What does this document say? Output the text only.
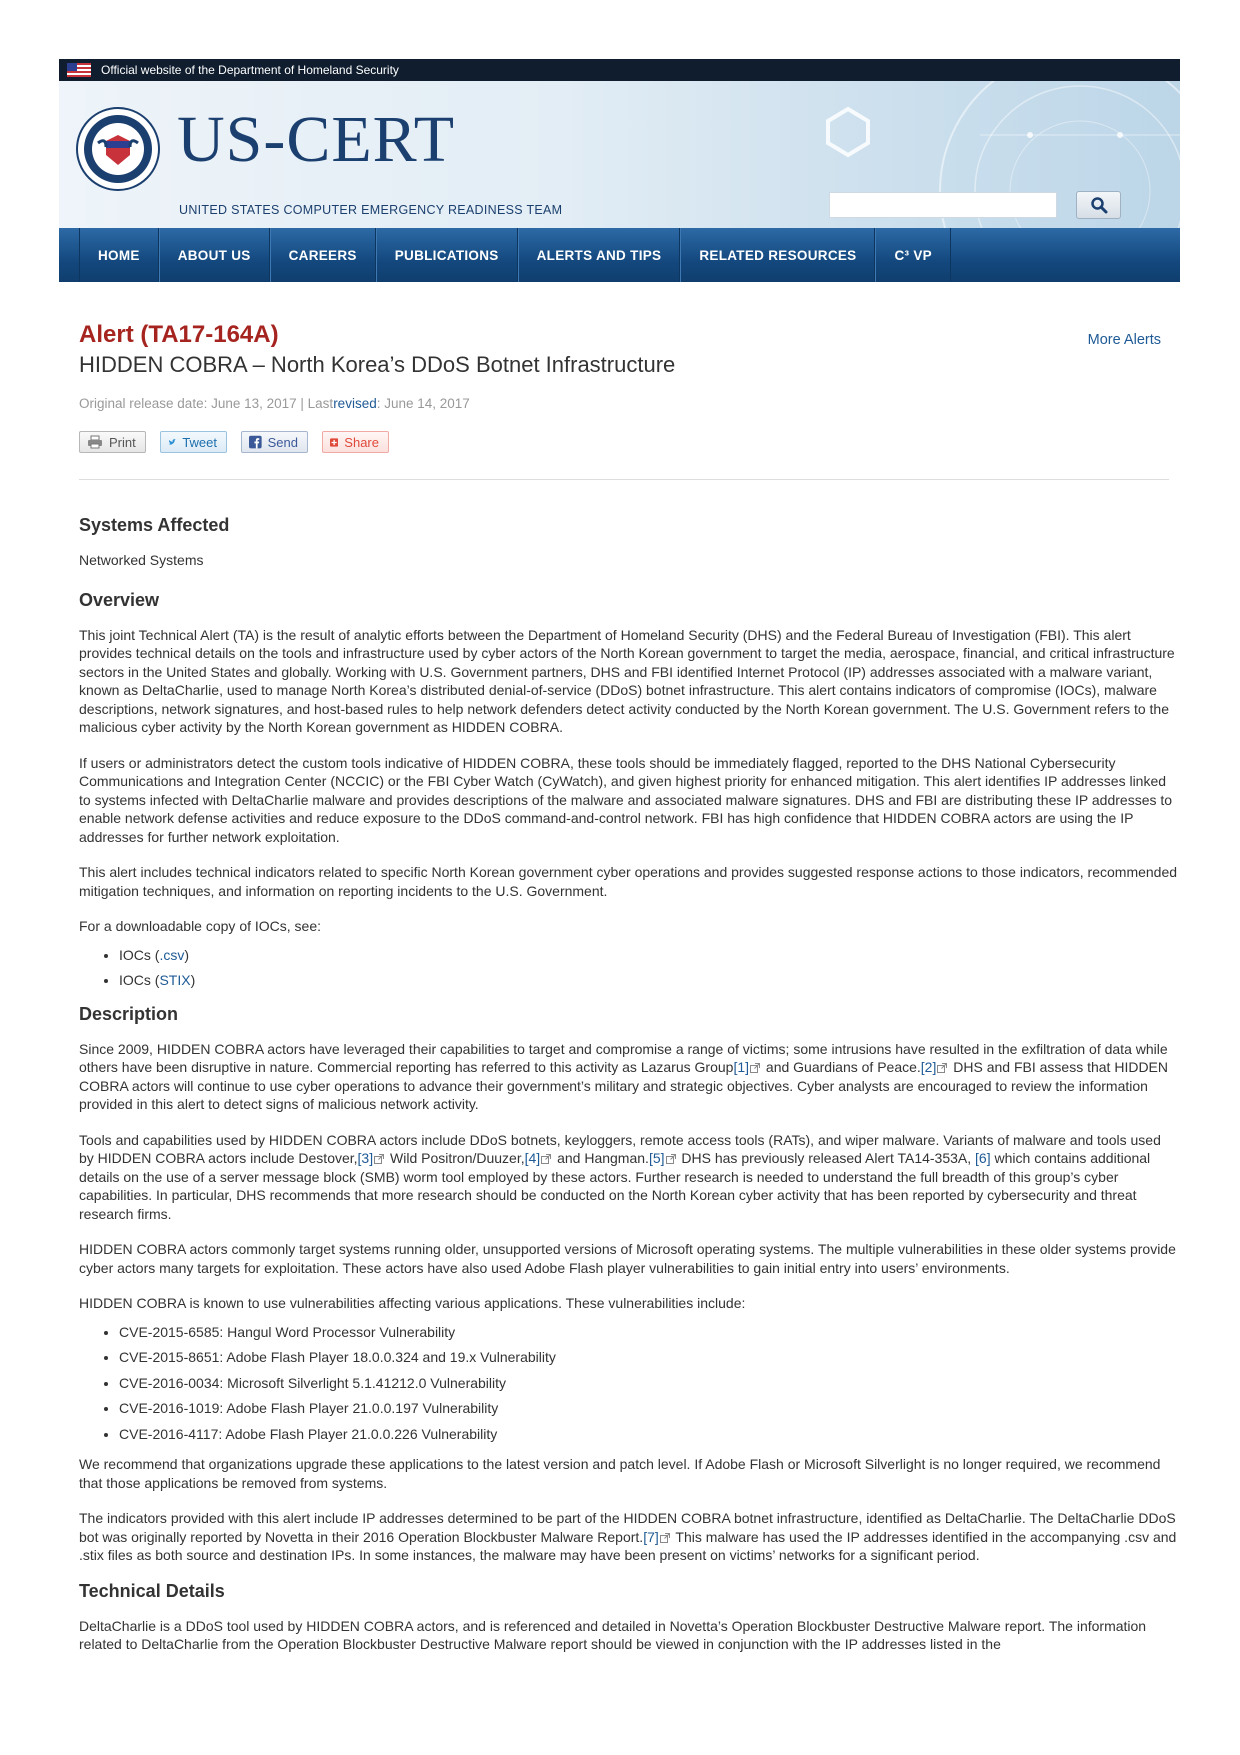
Official website of the Department of Homeland Security
US-CERT
UNITED STATES COMPUTER EMERGENCY READINESS TEAM
HOME	ABOUT US	CAREERS	PUBLICATIONS	ALERTS AND TIPS	RELATED RESOURCES	C³ VP
Alert (TA17-164A)
HIDDEN COBRA – North Korea’s DDoS Botnet Infrastructure
More Alerts
Original release date: June 13, 2017 | Lastrevised: June 14, 2017
Print	Tweet	Send	Share
Systems Affected

Networked Systems

Overview

This joint Technical Alert (TA) is the result of analytic efforts between the Department of Homeland Security (DHS) and the Federal Bureau of Investigation (FBI). This alert provides technical details on the tools and infrastructure used by cyber actors of the North Korean government to target the media, aerospace, financial, and critical infrastructure sectors in the United States and globally. Working with U.S. Government partners, DHS and FBI identified Internet Protocol (IP) addresses associated with a malware variant, known as DeltaCharlie, used to manage North Korea’s distributed denial-of-service (DDoS) botnet infrastructure. This alert contains indicators of compromise (IOCs), malware descriptions, network signatures, and host-based rules to help network defenders detect activity conducted by the North Korean government. The U.S. Government refers to the malicious cyber activity by the North Korean government as HIDDEN COBRA.

If users or administrators detect the custom tools indicative of HIDDEN COBRA, these tools should be immediately flagged, reported to the DHS National Cybersecurity Communications and Integration Center (NCCIC) or the FBI Cyber Watch (CyWatch), and given highest priority for enhanced mitigation. This alert identifies IP addresses linked to systems infected with DeltaCharlie malware and provides descriptions of the malware and associated malware signatures. DHS and FBI are distributing these IP addresses to enable network defense activities and reduce exposure to the DDoS command-and-control network. FBI has high confidence that HIDDEN COBRA actors are using the IP addresses for further network exploitation.

This alert includes technical indicators related to specific North Korean government cyber operations and provides suggested response actions to those indicators, recommended mitigation techniques, and information on reporting incidents to the U.S. Government.

For a downloadable copy of IOCs, see:

• IOCs (.csv)
• IOCs (STIX)
Description

Since 2009, HIDDEN COBRA actors have leveraged their capabilities to target and compromise a range of victims; some intrusions have resulted in the exfiltration of data while others have been disruptive in nature. Commercial reporting has referred to this activity as Lazarus Group[1] and Guardians of Peace.[2] DHS and FBI assess that HIDDEN COBRA actors will continue to use cyber operations to advance their government’s military and strategic objectives. Cyber analysts are encouraged to review the information provided in this alert to detect signs of malicious network activity.

Tools and capabilities used by HIDDEN COBRA actors include DDoS botnets, keyloggers, remote access tools (RATs), and wiper malware. Variants of malware and tools used by HIDDEN COBRA actors include Destover,[3] Wild Positron/Duuzer,[4] and Hangman.[5] DHS has previously released Alert TA14-353A, [6] which contains additional details on the use of a server message block (SMB) worm tool employed by these actors. Further research is needed to understand the full breadth of this group’s cyber capabilities. In particular, DHS recommends that more research should be conducted on the North Korean cyber activity that has been reported by cybersecurity and threat research firms.

HIDDEN COBRA actors commonly target systems running older, unsupported versions of Microsoft operating systems. The multiple vulnerabilities in these older systems provide cyber actors many targets for exploitation. These actors have also used Adobe Flash player vulnerabilities to gain initial entry into users’ environments.

HIDDEN COBRA is known to use vulnerabilities affecting various applications. These vulnerabilities include:

• CVE-2015-6585: Hangul Word Processor Vulnerability
• CVE-2015-8651: Adobe Flash Player 18.0.0.324 and 19.x Vulnerability
• CVE-2016-0034: Microsoft Silverlight 5.1.41212.0 Vulnerability
• CVE-2016-1019: Adobe Flash Player 21.0.0.197 Vulnerability
• CVE-2016-4117: Adobe Flash Player 21.0.0.226 Vulnerability

We recommend that organizations upgrade these applications to the latest version and patch level. If Adobe Flash or Microsoft Silverlight is no longer required, we recommend that those applications be removed from systems.

The indicators provided with this alert include IP addresses determined to be part of the HIDDEN COBRA botnet infrastructure, identified as DeltaCharlie. The DeltaCharlie DDoS bot was originally reported by Novetta in their 2016 Operation Blockbuster Malware Report.[7] This malware has used the IP addresses identified in the accompanying .csv and .stix files as both source and destination IPs. In some instances, the malware may have been present on victims’ networks for a significant period.

Technical Details

DeltaCharlie is a DDoS tool used by HIDDEN COBRA actors, and is referenced and detailed in Novetta’s Operation Blockbuster Destructive Malware report. The information related to DeltaCharlie from the Operation Blockbuster Destructive Malware report should be viewed in conjunction with the IP addresses listed in the
